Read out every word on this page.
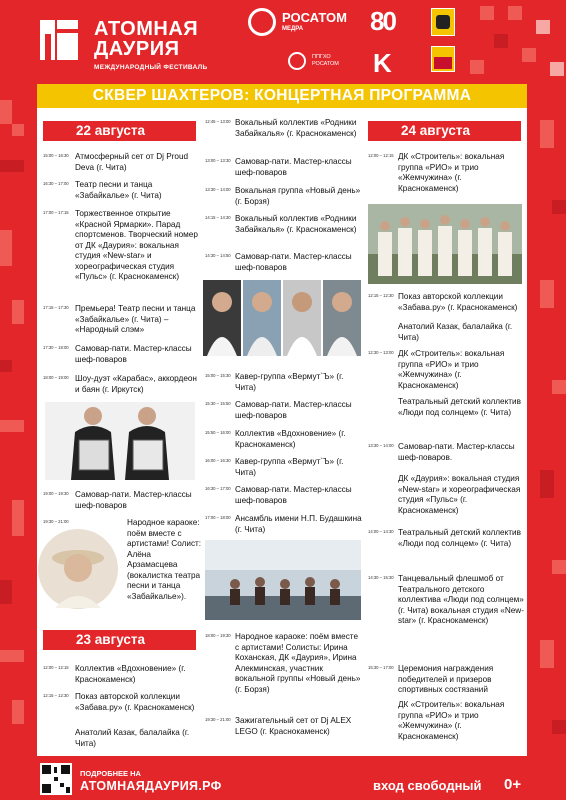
АТОМНАЯ
ДАУРИЯ
МЕЖДУНАРОДНЫЙ ФЕСТИВАЛЬ
РОСАТОМ
МЕДРА
ППГХО
РОСАТОМ
80
K
СКВЕР ШАХТЕРОВ: КОНЦЕРТНАЯ ПРОГРАММА
22 августа
15:00 – 16:30 Атмосферный сет от Dj Proud Deva (г. Чита)
16:30 – 17:00 Театр песни и танца «Забайкалье» (г. Чита)
17:00 – 17:15 Торжественное открытие «Красной Ярмарки». Парад спортсменов. Творческий номер от ДК «Даурия»: вокальная студия «New-star» и хореографическая студия «Пульс» (г. Краснокаменск)
17:15 – 17:30 Премьера! Театр песни и танца «Забайкалье» (г. Чита) – «Народный слэм»
17:30 – 18:00 Самовар-пати. Мастер-классы шеф-поваров
18:00 – 19:00 Шоу-дуэт «Карабас», аккордеон и баян (г. Иркутск)
19:00 – 19:30 Самовар-пати. Мастер-классы шеф-поваров
19:30 – 21:00	Народное караоке: поём вместе с артистами! Солист: Алёна Арзамасцева (вокалистка театра песни и танца «Забайкалье»).
23 августа
12:00 – 12:15 Коллектив «Вдохновение» (г. Краснокаменск)
12:15 – 12:30 Показ авторской коллекции «Забава.ру» (г. Краснокаменск)
Анатолий Казак, балалайка (г. Чита)
12:45 – 13:00 Вокальный коллектив «Родники Забайкалья» (г. Краснокаменск)
13:00 – 13:30 Самовар-пати. Мастер-классы шеф-поваров
13:30 – 14:00 Вокальная группа «Новый день» (г. Борзя)
14:15 – 14:30 Вокальный коллектив «Родники Забайкалья» (г. Краснокаменск)
14:30 – 14:50 Самовар-пати. Мастер-классы шеф-поваров
15:00 – 15:30 Кавер-группа «Вермут`Ъ» (г. Чита)
15:30 – 15:50 Самовар-пати. Мастер-классы шеф-поваров
15:50 – 16:00 Коллектив «Вдохновение» (г. Краснокаменск)
16:00 – 16:30 Кавер-группа «Вермут`Ъ» (г. Чита)
16:30 – 17:00 Самовар-пати. Мастер-классы шеф-поваров
17:00 – 18:00 Ансамбль имени Н.П. Будашкина (г. Чита)
18:00 – 19:30 Народное караоке: поём вместе с артистами! Солисты: Ирина Коханская, ДК «Даурия», Ирина Алекминская, участник вокальной группы «Новый день» (г. Борзя)
19:30 – 21:00 Зажигательный сет от Dj ALEX LEGO (г. Краснокаменск)
24 августа
12:00 – 12:15 ДК «Строитель»: вокальная группа «РИО» и трио «Жемчужина» (г. Краснокаменск)
12:15 – 12:30 Показ авторской коллекции «Забава.ру» (г. Краснокаменск)
Анатолий Казак, балалайка (г. Чита)
12:30 – 13:00 ДК «Строитель»: вокальная группа «РИО» и трио «Жемчужина» (г. Краснокаменск)
Театральный детский коллектив «Люди под солнцем» (г. Чита)
13:30 – 14:00 Самовар-пати. Мастер-классы шеф-поваров.
ДК «Даурия»: вокальная студия «New-star» и хореографическая студия «Пульс» (г. Краснокаменск)
14:00 – 14:30 Театральный детский коллектив «Люди под солнцем» (г. Чита)
14:30 – 15:30 Танцевальный флешмоб от Театрального детского коллектива «Люди под солнцем» (г. Чита) вокальная студия «New-star» (г. Краснокаменск)
15:30 – 17:00 Церемония награждения победителей и призеров спортивных состязаний
ДК «Строитель»: вокальная группа «РИО» и трио «Жемчужина» (г. Краснокаменск)
ПОДРОБНЕЕ НА
АТОМНАЯДАУРИЯ.РФ	вход свободный 0+
